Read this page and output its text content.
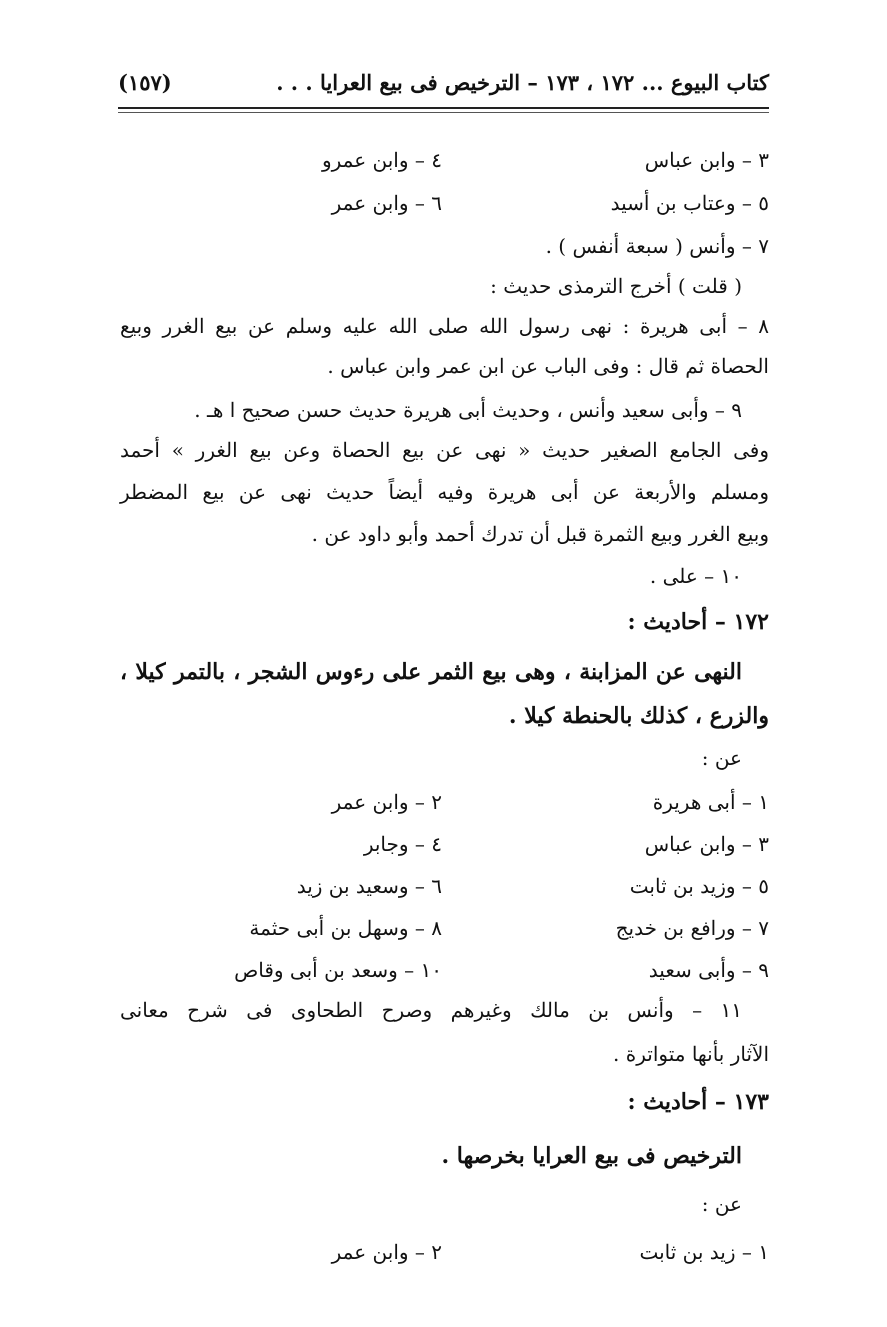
كتاب البيوع ... ١٧٢ ، ١٧٣ – الترخيص فى بيع العرايا . . .
(١٥٧)
٣ – وابن عباس
٤ – وابن عمرو
٥ – وعتاب بن أسيد
٦ – وابن عمر
٧ – وأنس ( سبعة أنفس ) .
( قلت ) أخرج الترمذى حديث :
٨ – أبى هريرة : نهى رسول الله صلى الله عليه وسلم عن بيع الغرر وبيع
الحصاة ثم قال : وفى الباب عن ابن عمر وابن عباس .
٩ – وأبى سعيد وأنس ، وحديث أبى هريرة حديث حسن صحيح ا هـ .
وفى الجامع الصغير حديث « نهى عن بيع الحصاة وعن بيع الغرر » أحمد
ومسلم والأربعة عن أبى هريرة وفيه أيضاً حديث نهى عن بيع المضطر
وبيع الغرر وبيع الثمرة قبل أن تدرك أحمد وأبو داود عن .
١٠ – على .
١٧٢ – أحاديث :
النهى عن المزابنة ، وهى بيع الثمر على رءوس الشجر ، بالتمر كيلا ،
والزرع ، كذلك بالحنطة كيلا .
عن :
١ – أبى هريرة
٢ – وابن عمر
٣ – وابن عباس
٤ – وجابر
٥ – وزيد بن ثابت
٦ – وسعيد بن زيد
٧ – ورافع بن خديج
٨ – وسهل بن أبى حثمة
٩ – وأبى سعيد
١٠ – وسعد بن أبى وقاص
١١ – وأنس بن مالك وغيرهم وصرح الطحاوى فى شرح معانى
الآثار بأنها متواترة .
١٧٣ – أحاديث :
الترخيص فى بيع العرايا بخرصها .
عن :
١ – زيد بن ثابت
٢ – وابن عمر
